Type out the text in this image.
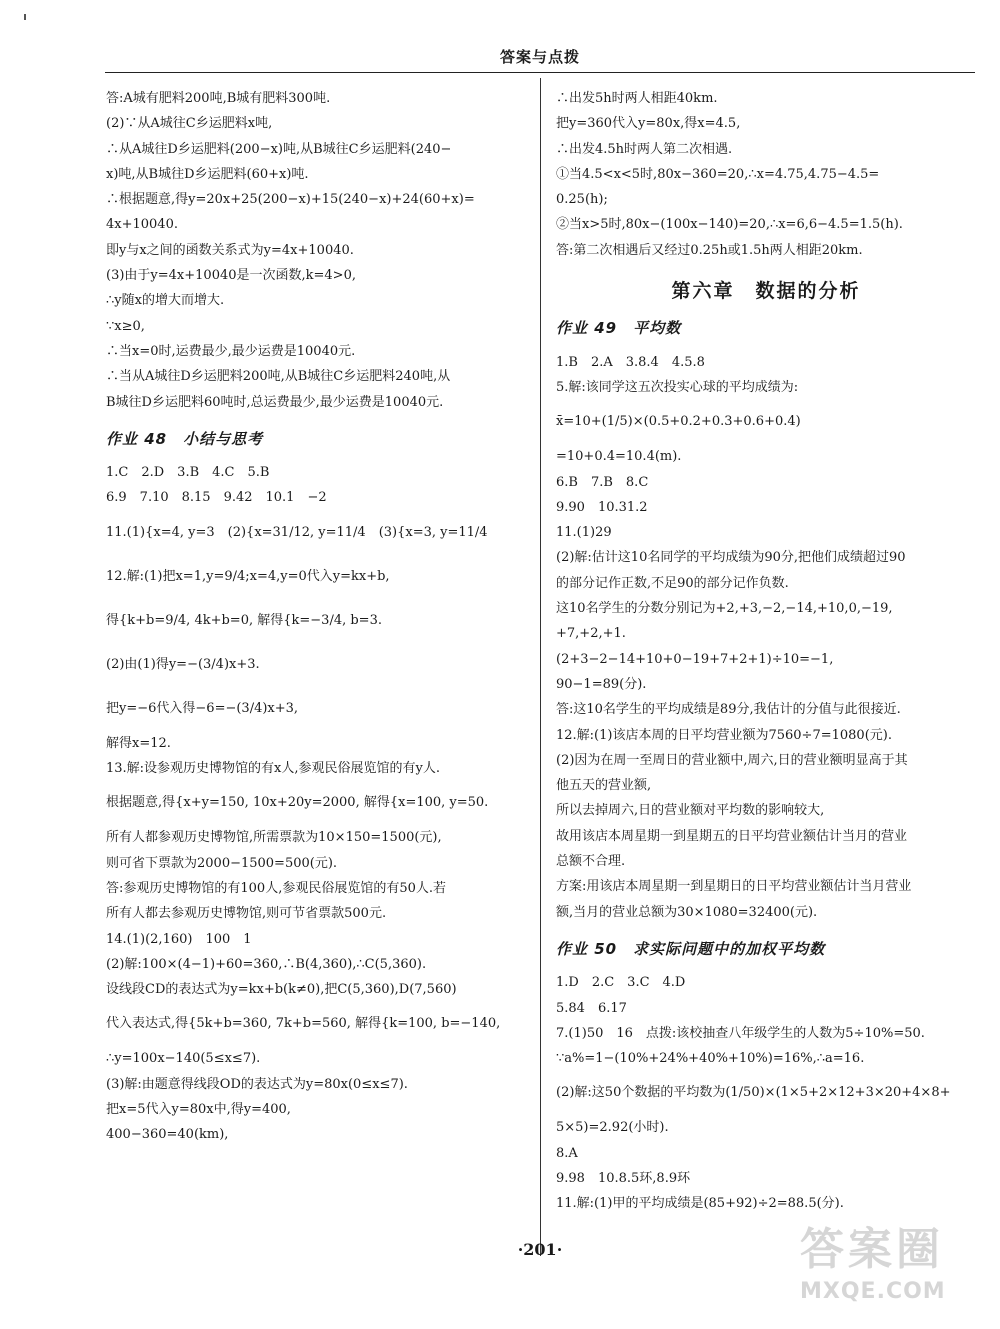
答案与点拨
答:A城有肥料200吨,B城有肥料300吨.
(2)∵从A城往C乡运肥料x吨,
∴从A城往D乡运肥料(200−x)吨,从B城往C乡运肥料(240−
x)吨,从B城往D乡运肥料(60+x)吨.
∴根据题意,得y=20x+25(200−x)+15(240−x)+24(60+x)=
4x+10040.
即y与x之间的函数关系式为y=4x+10040.
(3)由于y=4x+10040是一次函数,k=4>0,
∴y随x的增大而增大.
∵x≥0,
∴当x=0时,运费最少,最少运费是10040元.
∴当从A城往D乡运肥料200吨,从B城往C乡运肥料240吨,从
B城往D乡运肥料60吨时,总运费最少,最少运费是10040元.
作业 48　小结与思考
1.C　2.D　3.B　4.C　5.B
6.9　7.10　8.15　9.42　10.1　−2
11.(1){x=4, y=3　(2){x=31/12, y=11/4　(3){x=3, y=11/4
12.解:(1)把x=1,y=9/4;x=4,y=0代入y=kx+b,
得{k+b=9/4, 4k+b=0, 解得{k=−3/4, b=3.
(2)由(1)得y=−(3/4)x+3.
把y=−6代入得−6=−(3/4)x+3,
解得x=12.
13.解:设参观历史博物馆的有x人,参观民俗展览馆的有y人.
根据题意,得{x+y=150, 10x+20y=2000, 解得{x=100, y=50.
所有人都参观历史博物馆,所需票款为10×150=1500(元),
则可省下票款为2000−1500=500(元).
答:参观历史博物馆的有100人,参观民俗展览馆的有50人.若
所有人都去参观历史博物馆,则可节省票款500元.
14.(1)(2,160)　100　1
(2)解:100×(4−1)+60=360,∴B(4,360),∴C(5,360).
设线段CD的表达式为y=kx+b(k≠0),把C(5,360),D(7,560)
代入表达式,得{5k+b=360, 7k+b=560, 解得{k=100, b=−140,
∴y=100x−140(5≤x≤7).
(3)解:由题意得线段OD的表达式为y=80x(0≤x≤7).
把x=5代入y=80x中,得y=400,
400−360=40(km),
∴出发5h时两人相距40km.
把y=360代入y=80x,得x=4.5,
∴出发4.5h时两人第二次相遇.
①当4.5<x<5时,80x−360=20,∴x=4.75,4.75−4.5=
0.25(h);
②当x>5时,80x−(100x−140)=20,∴x=6,6−4.5=1.5(h).
答:第二次相遇后又经过0.25h或1.5h两人相距20km.
第六章　数据的分析
作业 49　平均数
1.B　2.A　3.8.4　4.5.8
5.解:该同学这五次投实心球的平均成绩为:
x̄=10+(1/5)×(0.5+0.2+0.3+0.6+0.4)
=10+0.4=10.4(m).
6.B　7.B　8.C
9.90　10.31.2
11.(1)29
(2)解:估计这10名同学的平均成绩为90分,把他们成绩超过90
的部分记作正数,不足90的部分记作负数.
这10名学生的分数分别记为+2,+3,−2,−14,+10,0,−19,
+7,+2,+1.
(2+3−2−14+10+0−19+7+2+1)÷10=−1,
90−1=89(分).
答:这10名学生的平均成绩是89分,我估计的分值与此很接近.
12.解:(1)该店本周的日平均营业额为7560÷7=1080(元).
(2)因为在周一至周日的营业额中,周六,日的营业额明显高于其
他五天的营业额,
所以去掉周六,日的营业额对平均数的影响较大,
故用该店本周星期一到星期五的日平均营业额估计当月的营业
总额不合理.
方案:用该店本周星期一到星期日的日平均营业额估计当月营业
额,当月的营业总额为30×1080=32400(元).
作业 50　求实际问题中的加权平均数
1.D　2.C　3.C　4.D
5.84　6.17
7.(1)50　16　点拨:该校抽查八年级学生的人数为5÷10%=50.
∵a%=1−(10%+24%+40%+10%)=16%,∴a=16.
(2)解:这50个数据的平均数为(1/50)×(1×5+2×12+3×20+4×8+
5×5)=2.92(小时).
8.A
9.98　10.8.5环,8.9环
11.解:(1)甲的平均成绩是(85+92)÷2=88.5(分).
·201·	答案圈
MXQE.COM
